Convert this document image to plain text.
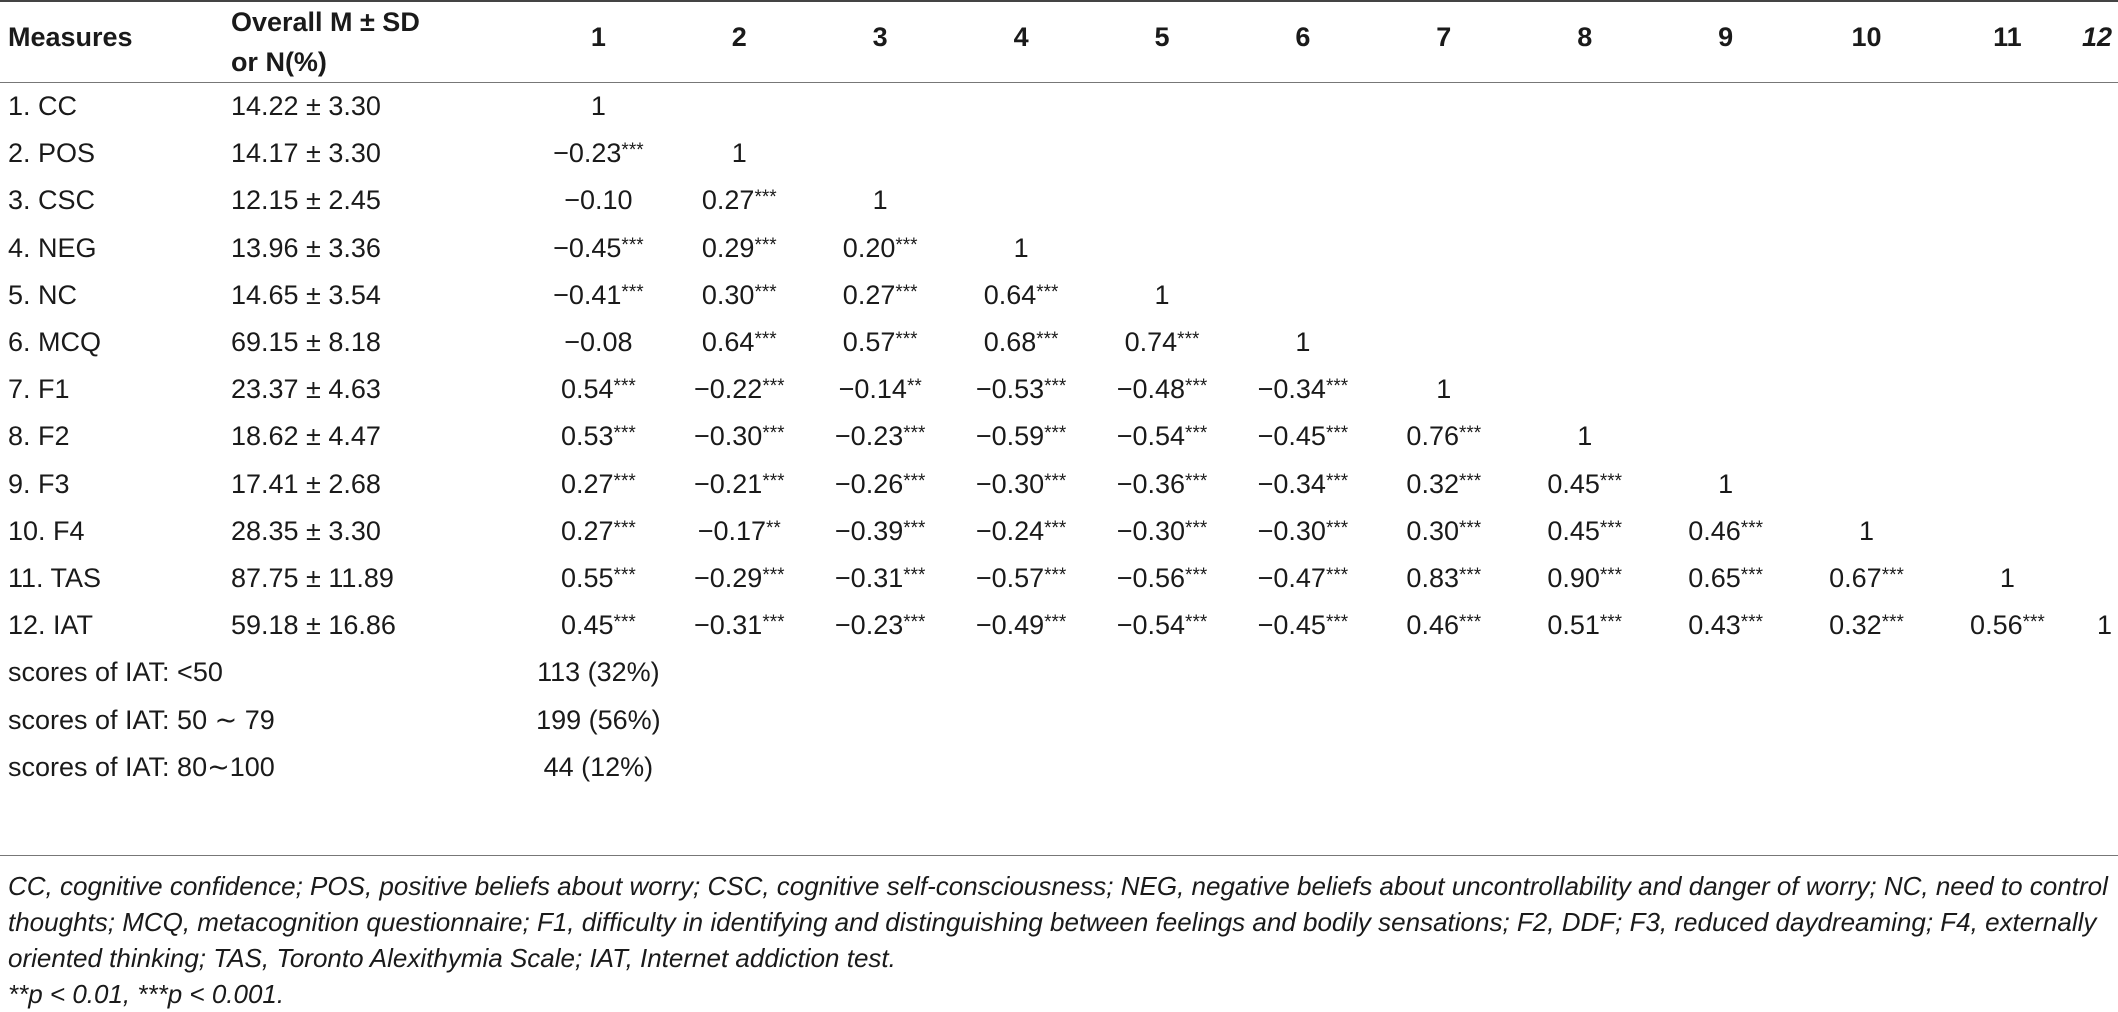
Measures	Overall M ± SD
or N(%)	1	2	3	4	5	6	7	8	9	10	11	12
1. CC	14.22 ± 3.30	1											
2. POS	14.17 ± 3.30	−0.23***	1										
3. CSC	12.15 ± 2.45	−0.10	0.27***	1									
4. NEG	13.96 ± 3.36	−0.45***	0.29***	0.20***	1								
5. NC	14.65 ± 3.54	−0.41***	0.30***	0.27***	0.64***	1							
6. MCQ	69.15 ± 8.18	−0.08	0.64***	0.57***	0.68***	0.74***	1						
7. F1	23.37 ± 4.63	0.54***	−0.22***	−0.14**	−0.53***	−0.48***	−0.34***	1					
8. F2	18.62 ± 4.47	0.53***	−0.30***	−0.23***	−0.59***	−0.54***	−0.45***	0.76***	1				
9. F3	17.41 ± 2.68	0.27***	−0.21***	−0.26***	−0.30***	−0.36***	−0.34***	0.32***	0.45***	1			
10. F4	28.35 ± 3.30	0.27***	−0.17**	−0.39***	−0.24***	−0.30***	−0.30***	0.30***	0.45***	0.46***	1		
11. TAS	87.75 ± 11.89	0.55***	−0.29***	−0.31***	−0.57***	−0.56***	−0.47***	0.83***	0.90***	0.65***	0.67***	1	
12. IAT	59.18 ± 16.86	0.45***	−0.31***	−0.23***	−0.49***	−0.54***	−0.45***	0.46***	0.51***	0.43***	0.32***	0.56***	1
scores of IAT: <50		113 (32%)											
scores of IAT: 50 ∼ 79		199 (56%)											
scores of IAT: 80∼100		44 (12%)											

CC, cognitive confidence; POS, positive beliefs about worry; CSC, cognitive self-consciousness; NEG, negative beliefs about uncontrollability and danger of worry; NC, need to control thoughts; MCQ, metacognition questionnaire; F1, difficulty in identifying and distinguishing between feelings and bodily sensations; F2, DDF; F3, reduced daydreaming; F4, externally oriented thinking; TAS, Toronto Alexithymia Scale; IAT, Internet addiction test.

**p < 0.01, ***p < 0.001.
